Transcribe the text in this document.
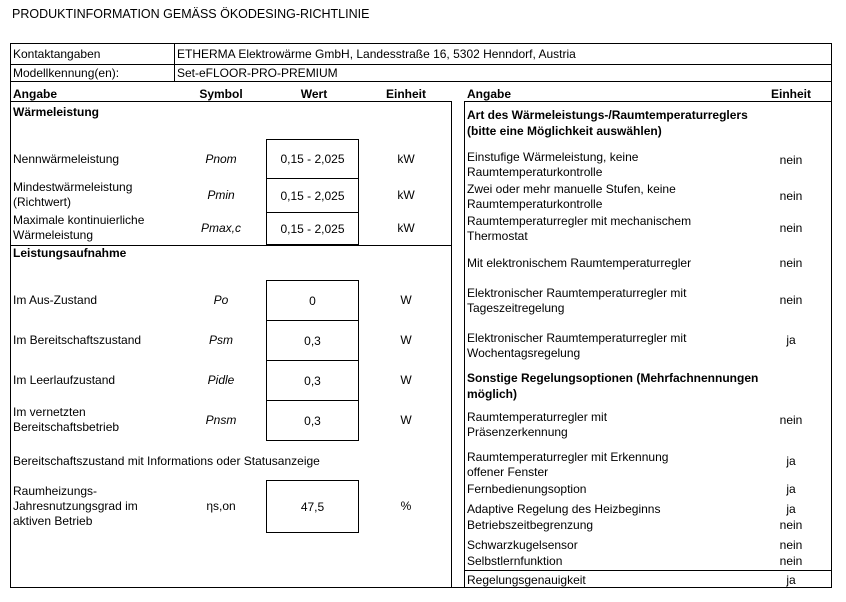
PRODUKTINFORMATION GEMÄSS ÖKODESING-RICHTLINIE
Kontaktangaben	ETHERMA Elektrowärme GmbH, Landesstraße 16, 5302 Henndorf, Austria
Modellkennung(en):	Set-eFLOOR-PRO-PREMIUM
Angabe	Symbol	Wert	Einheit	Angabe	Einheit
Wärmeleistung
Nennwärmeleistung	Pnom	0,15 - 2,025	kW
Mindestwärmeleistung
(Richtwert)	Pmin	0,15 - 2,025	kW
Maximale kontinuierliche
Wärmeleistung	Pmax,c	0,15 - 2,025	kW
Leistungsaufnahme
Im Aus-Zustand	Po	0	W
Im Bereitschaftszustand	Psm	0,3	W
Im Leerlaufzustand	Pidle	0,3	W
Im vernetzten
Bereitschaftsbetrieb	Pnsm	0,3	W
Bereitschaftszustand mit Informations oder Statusanzeige
Raumheizungs-
Jahresnutzungsgrad im
aktiven Betrieb
ηs,on	47,5	%
Art des Wärmeleistungs-/Raumtemperaturreglers
(bitte eine Möglichkeit auswählen)
Einstufige Wärmeleistung, keine
Raumtemperaturkontrolle
nein
Zwei oder mehr manuelle Stufen, keine
Raumtemperaturkontrolle
nein
Raumtemperaturregler mit mechanischem
Thermostat
nein
Mit elektronischem Raumtemperaturregler	nein
Elektronischer Raumtemperaturregler mit
Tageszeitregelung
nein
Elektronischer Raumtemperaturregler mit
Wochentagsregelung
ja
Sonstige Regelungsoptionen (Mehrfachnennungen
möglich)
Raumtemperaturregler mit
Präsenzerkennung
nein
Raumtemperaturregler mit Erkennung
offener Fenster
ja
Fernbedienungsoption	ja
Adaptive Regelung des Heizbeginns	ja
Betriebszeitbegrenzung	nein
Schwarzkugelsensor	nein
Selbstlernfunktion	nein
Regelungsgenauigkeit	ja
